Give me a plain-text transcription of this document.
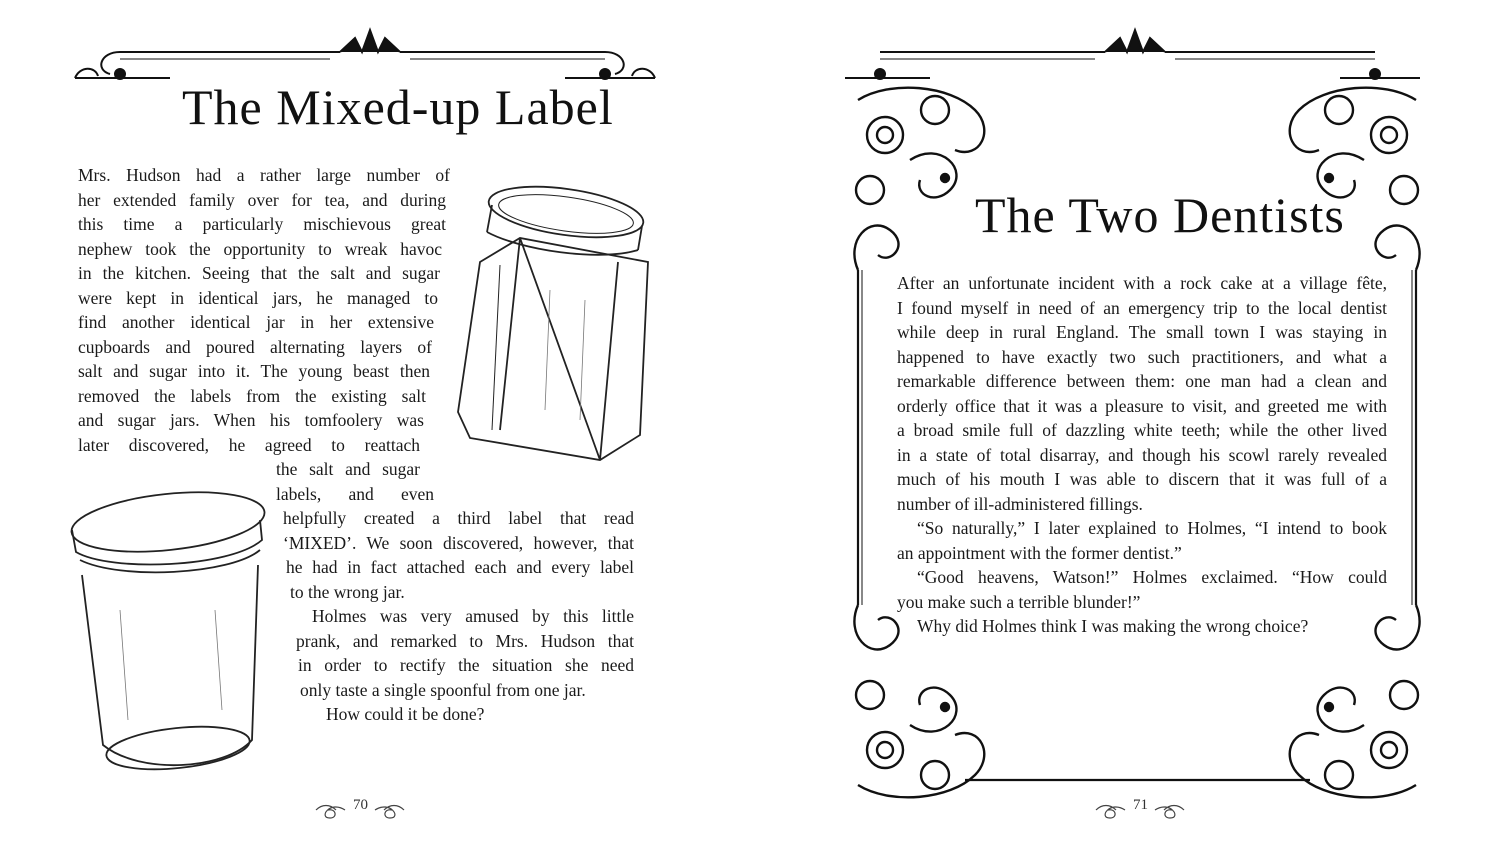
The Mixed-up Label
Mrs. Hudson had a rather large number of
her extended family over for tea, and during
this time a particularly mischievous great
nephew took the opportunity to wreak havoc
in the kitchen. Seeing that the salt and sugar
were kept in identical jars, he managed to
find another identical jar in her extensive
cupboards and poured alternating layers of
salt and sugar into it. The young beast then
removed the labels from the existing salt
and sugar jars. When his tomfoolery was
later discovered, he agreed to reattach
the salt and sugar
labels, and even
helpfully created a third label that read
‘MIXED’. We soon discovered, however, that
he had in fact attached each and every label
to the wrong jar.
Holmes was very amused by this little
prank, and remarked to Mrs. Hudson that
in order to rectify the situation she need
only taste a single spoonful from one jar.
How could it be done?
70
The Two Dentists
After an unfortunate incident with a rock cake at a village fête,
I found myself in need of an emergency trip to the local dentist
while deep in rural England. The small town I was staying in
happened to have exactly two such practitioners, and what a
remarkable difference between them: one man had a clean and
orderly office that it was a pleasure to visit, and greeted me with
a broad smile full of dazzling white teeth; while the other lived
in a state of total disarray, and though his scowl rarely revealed
much of his mouth I was able to discern that it was full of a
number of ill-administered fillings.
“So naturally,” I later explained to Holmes, “I intend to book
an appointment with the former dentist.”
“Good heavens, Watson!” Holmes exclaimed. “How could
you make such a terrible blunder!”
Why did Holmes think I was making the wrong choice?
71
